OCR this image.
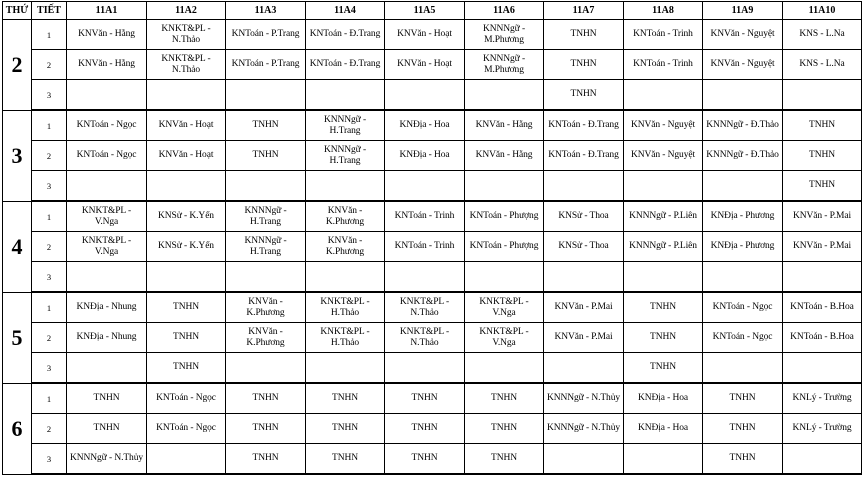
THỨ	TIẾT	11A1	11A2	11A3	11A4	11A5	11A6	11A7	11A8	11A9	11A10
2	1	KNVăn - Hằng	KNKT&PL -
N.Thảo	KNToán - P.Trang	KNToán - Đ.Trang	KNVăn - Hoạt	KNNNgữ -
M.Phương	TNHN	KNToán - Trinh	KNVăn - Nguyệt	KNS - L.Na
	2	KNVăn - Hằng	KNKT&PL -
N.Thảo	KNToán - P.Trang	KNToán - Đ.Trang	KNVăn - Hoạt	KNNNgữ -
M.Phương	TNHN	KNToán - Trinh	KNVăn - Nguyệt	KNS - L.Na
	3							TNHN			
3	1	KNToán - Ngọc	KNVăn - Hoạt	TNHN	KNNNgữ -
H.Trang	KNĐịa - Hoa	KNVăn - Hằng	KNToán - Đ.Trang	KNVăn - Nguyệt	KNNNgữ - Đ.Thảo	TNHN
	2	KNToán - Ngọc	KNVăn - Hoạt	TNHN	KNNNgữ -
H.Trang	KNĐịa - Hoa	KNVăn - Hằng	KNToán - Đ.Trang	KNVăn - Nguyệt	KNNNgữ - Đ.Thảo	TNHN
	3										TNHN
4	1	KNKT&PL -
V.Nga	KNSử - K.Yến	KNNNgữ -
H.Trang	KNVăn -
K.Phương	KNToán - Trinh	KNToán - Phượng	KNSử - Thoa	KNNNgữ - P.Liên	KNĐịa - Phương	KNVăn - P.Mai
	2	KNKT&PL -
V.Nga	KNSử - K.Yến	KNNNgữ -
H.Trang	KNVăn -
K.Phương	KNToán - Trinh	KNToán - Phượng	KNSử - Thoa	KNNNgữ - P.Liên	KNĐịa - Phương	KNVăn - P.Mai
	3										
5	1	KNĐịa - Nhung	TNHN	KNVăn -
K.Phương	KNKT&PL -
H.Thảo	KNKT&PL -
N.Thảo	KNKT&PL -
V.Nga	KNVăn - P.Mai	TNHN	KNToán - Ngọc	KNToán - B.Hoa
	2	KNĐịa - Nhung	TNHN	KNVăn -
K.Phương	KNKT&PL -
H.Thảo	KNKT&PL -
N.Thảo	KNKT&PL -
V.Nga	KNVăn - P.Mai	TNHN	KNToán - Ngọc	KNToán - B.Hoa
	3		TNHN						TNHN		
6	1	TNHN	KNToán - Ngọc	TNHN	TNHN	TNHN	TNHN	KNNNgữ - N.Thủy	KNĐịa - Hoa	TNHN	KNLý - Trường
	2	TNHN	KNToán - Ngọc	TNHN	TNHN	TNHN	TNHN	KNNNgữ - N.Thủy	KNĐịa - Hoa	TNHN	KNLý - Trường
	3	KNNNgữ - N.Thủy		TNHN	TNHN	TNHN	TNHN			TNHN	
